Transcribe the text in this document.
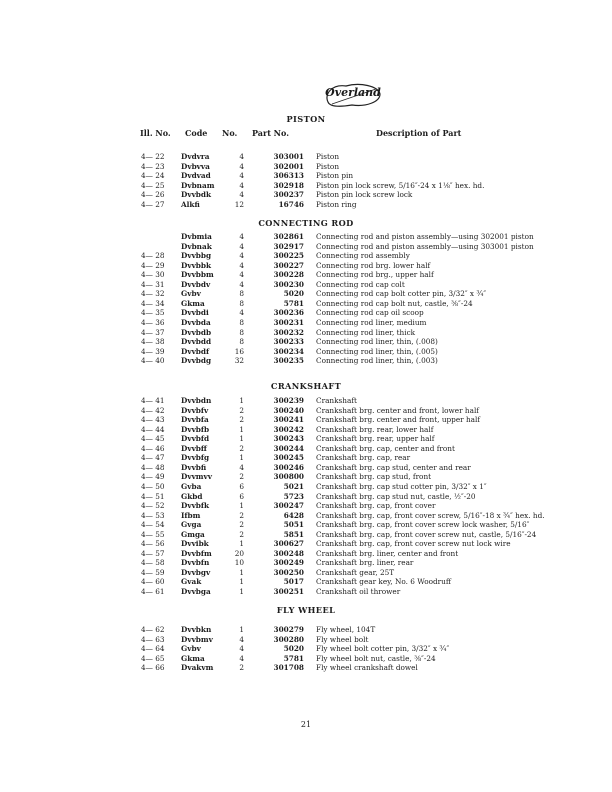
Overland
PISTON
Ill. No. Code No. Part No.	Description of Part
4— 22	Dvdvra	4	303001 Piston
4— 23	Dvbvva	4	302001 Piston
4— 24	Dvdvad	4	306313 Piston pin
4— 25	Dvbnam	4	302918 Piston pin lock screw, 5/16″-24 x 1⅛″ hex. hd.
4— 26	Dvvbdk	4	300237 Piston pin lock screw lock
4— 27	Alkfi	12	16746 Piston ring
CONNECTING ROD
Dvbmia	4	302861 Connecting rod and piston assembly—using 302001 piston
Dvbnak	4	302917 Connecting rod and piston assembly—using 303001 piston
4— 28	Dvvbbg	4	300225 Connecting rod assembly
4— 29	Dvvbbk	4	300227 Connecting rod brg. lower half
4— 30	Dvvbbm	4	300228 Connecting rod brg., upper half
4— 31	Dvvbdv	4	300230 Connecting rod cap colt
4— 32	Gvbv	8	5020 Connecting rod cap bolt cotter pin, 3/32″ x ¾″
4— 34	Gkma	8	5781 Connecting rod cap bolt nut, castle, ⅜″-24
4— 35	Dvvbdi	4	300236 Connecting rod cap oil scoop
4— 36	Dvvbda	8	300231 Connecting rod liner, medium
4— 37	Dvvbdb	8	300232 Connecting rod liner, thick
4— 38	Dvvbdd	8	300233 Connecting rod liner, thin, (.008)
4— 39	Dvvbdf	16	300234 Connecting rod liner, thin, (.005)
4— 40	Dvvbdg	32	300235 Connecting rod liner, thin, (.003)
CRANKSHAFT
4— 41	Dvvbdn	1	300239 Crankshaft
4— 42	Dvvbfv	2	300240 Crankshaft brg. center and front, lower half
4— 43	Dvvbfa	2	300241 Crankshaft brg. center and front, upper half
4— 44	Dvvbfb	1	300242 Crankshaft brg. rear, lower half
4— 45	Dvvbfd	1	300243 Crankshaft brg. rear, upper half
4— 46	Dvvbff	2	300244 Crankshaft brg. cap, center and front
4— 47	Dvvbfg	1	300245 Crankshaft brg. cap, rear
4— 48	Dvvbfi	4	300246 Crankshaft brg. cap stud, center and rear
4— 49	Dvvmvv	2	300800 Crankshaft brg. cap stud, front
4— 50	Gvba	6	5021 Crankshaft brg. cap stud cotter pin, 3/32″ x 1″
4— 51	Gkbd	6	5723 Crankshaft brg. cap stud nut, castle, ½″-20
4— 52	Dvvbfk	1	300247 Crankshaft brg. cap, front cover
4— 53	Ifbm	2	6428 Crankshaft brg. cap, front cover screw, 5/16″-18 x ¾″ hex. hd.
4— 54	Gvga	2	5051 Crankshaft brg. cap, front cover screw lock washer, 5/16″
4— 55	Gmga	2	5851 Crankshaft brg. cap, front cover screw nut, castle, 5/16″-24
4— 56	Dvvibk	1	300627 Crankshaft brg. cap, front cover screw nut lock wire
4— 57	Dvvbfm	20	300248 Crankshaft brg. liner, center and front
4— 58	Dvvbfn	10	300249 Crankshaft brg. liner, rear
4— 59	Dvvbgv	1	300250 Crankshaft gear, 25T
4— 60	Gvak	1	5017 Crankshaft gear key, No. 6 Woodruff
4— 61	Dvvbga	1	300251 Crankshaft oil thrower
FLY WHEEL
4— 62	Dvvbkn	1	300279 Fly wheel, 104T
4— 63	Dvvbmv	4	300280 Fly wheel bolt
4— 64	Gvbv	4	5020 Fly wheel bolt cotter pin, 3/32″ x ¾″
4— 65	Gkma	4	5781 Fly wheel bolt nut, castle, ⅜″-24
4— 66	Dvakvm	2	301708 Fly wheel crankshaft dowel
21
